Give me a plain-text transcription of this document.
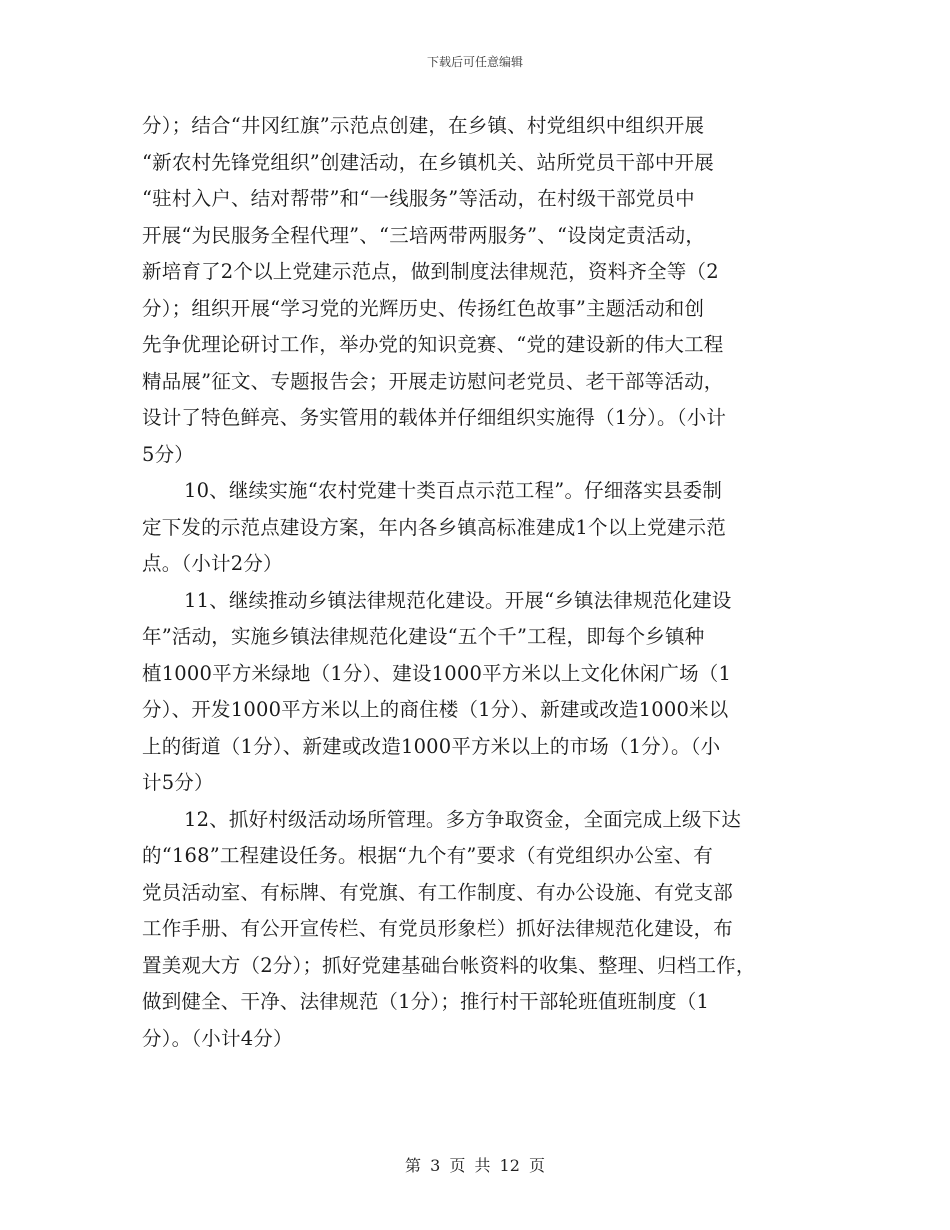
下载后可任意编辑
分）；结合“井冈红旗”示范点创建，在乡镇、村党组织中组织开展
“新农村先锋党组织”创建活动，在乡镇机关、站所党员干部中开展
“驻村入户、结对帮带”和“一线服务”等活动，在村级干部党员中
开展“为民服务全程代理”、“三培两带两服务”、“设岗定责活动，
新培育了2个以上党建示范点，做到制度法律规范，资料齐全等（2
分）；组织开展“学习党的光辉历史、传扬红色故事”主题活动和创
先争优理论研讨工作，举办党的知识竞赛、“党的建设新的伟大工程
精品展”征文、专题报告会；开展走访慰问老党员、老干部等活动，
设计了特色鲜亮、务实管用的载体并仔细组织实施得（1分）。（小计
5分）
10、继续实施“农村党建十类百点示范工程”。仔细落实县委制
定下发的示范点建设方案，年内各乡镇高标准建成1个以上党建示范
点。（小计2分）
11、继续推动乡镇法律规范化建设。开展“乡镇法律规范化建设
年”活动，实施乡镇法律规范化建设“五个千”工程，即每个乡镇种
植1000平方米绿地（1分）、建设1000平方米以上文化休闲广场（1
分）、开发1000平方米以上的商住楼（1分）、新建或改造1000米以
上的街道（1分）、新建或改造1000平方米以上的市场（1分）。（小
计5分）
12、抓好村级活动场所管理。多方争取资金，全面完成上级下达
的“168”工程建设任务。根据“九个有”要求（有党组织办公室、有
党员活动室、有标牌、有党旗、有工作制度、有办公设施、有党支部
工作手册、有公开宣传栏、有党员形象栏）抓好法律规范化建设，布
置美观大方（2分）；抓好党建基础台帐资料的收集、整理、归档工作，
做到健全、干净、法律规范（1分）；推行村干部轮班值班制度（1
分）。（小计4分）
第 3 页 共 12 页
